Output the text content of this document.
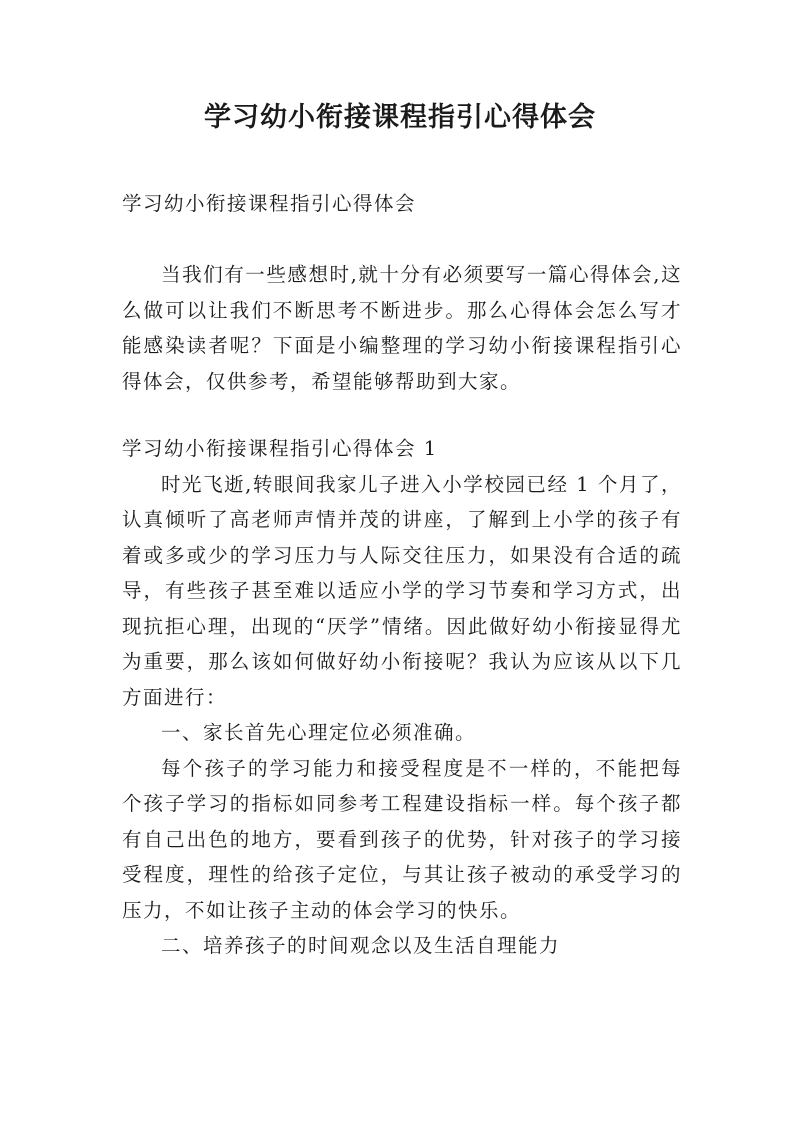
学习幼小衔接课程指引心得体会

学习幼小衔接课程指引心得体会

当我们有一些感想时,就十分有必须要写一篇心得体会,这么做可以让我们不断思考不断进步。那么心得体会怎么写才能感染读者呢？下面是小编整理的学习幼小衔接课程指引心得体会，仅供参考，希望能够帮助到大家。

学习幼小衔接课程指引心得体会 1

时光飞逝,转眼间我家儿子进入小学校园已经 1 个月了，认真倾听了高老师声情并茂的讲座，了解到上小学的孩子有着或多或少的学习压力与人际交往压力，如果没有合适的疏导，有些孩子甚至难以适应小学的学习节奏和学习方式，出现抗拒心理，出现的“厌学”情绪。因此做好幼小衔接显得尤为重要，那么该如何做好幼小衔接呢？我认为应该从以下几方面进行：

一、家长首先心理定位必须准确。

每个孩子的学习能力和接受程度是不一样的，不能把每个孩子学习的指标如同参考工程建设指标一样。每个孩子都有自己出色的地方，要看到孩子的优势，针对孩子的学习接受程度，理性的给孩子定位，与其让孩子被动的承受学习的压力，不如让孩子主动的体会学习的快乐。

二、培养孩子的时间观念以及生活自理能力
